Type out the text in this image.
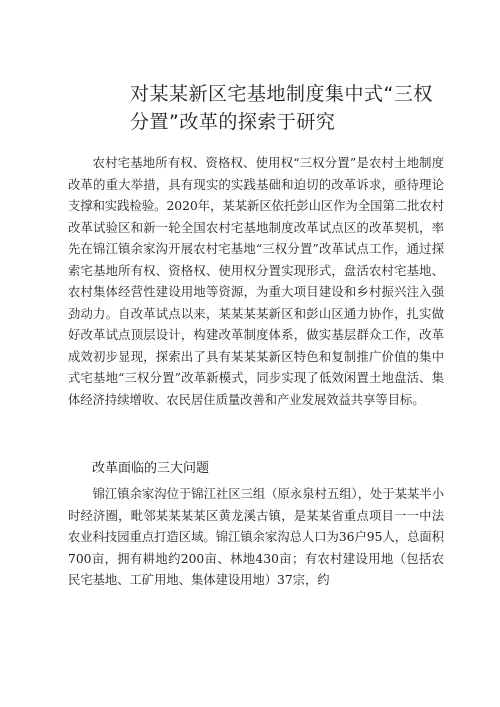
对某某新区宅基地制度集中式“三权分置”改革的探索于研究

农村宅基地所有权、资格权、使用权“三权分置”是农村土地制度改革的重大举措，具有现实的实践基础和迫切的改革诉求，亟待理论支撑和实践检验。2020年，某某新区依托彭山区作为全国第二批农村改革试验区和新一轮全国农村宅基地制度改革试点区的改革契机，率先在锦江镇余家沟开展农村宅基地“三权分置”改革试点工作，通过探索宅基地所有权、资格权、使用权分置实现形式，盘活农村宅基地、农村集体经营性建设用地等资源，为重大项目建设和乡村振兴注入强劲动力。自改革试点以来，某某某某新区和彭山区通力协作，扎实做好改革试点顶层设计，构建改革制度体系，做实基层群众工作，改革成效初步显现，探索出了具有某某某新区特色和复制推广价值的集中式宅基地“三权分置”改革新模式，同步实现了低效闲置土地盘活、集体经济持续增收、农民居住质量改善和产业发展效益共享等目标。

改革面临的三大问题

锦江镇余家沟位于锦江社区三组（原永泉村五组），处于某某半小时经济圈，毗邻某某某某区黄龙溪古镇，是某某省重点项目一一中法农业科技园重点打造区域。锦江镇余家沟总人口为36户95人，总面积700亩，拥有耕地约200亩、林地430亩；有农村建设用地（包括农民宅基地、工矿用地、集体建设用地）37宗，约
